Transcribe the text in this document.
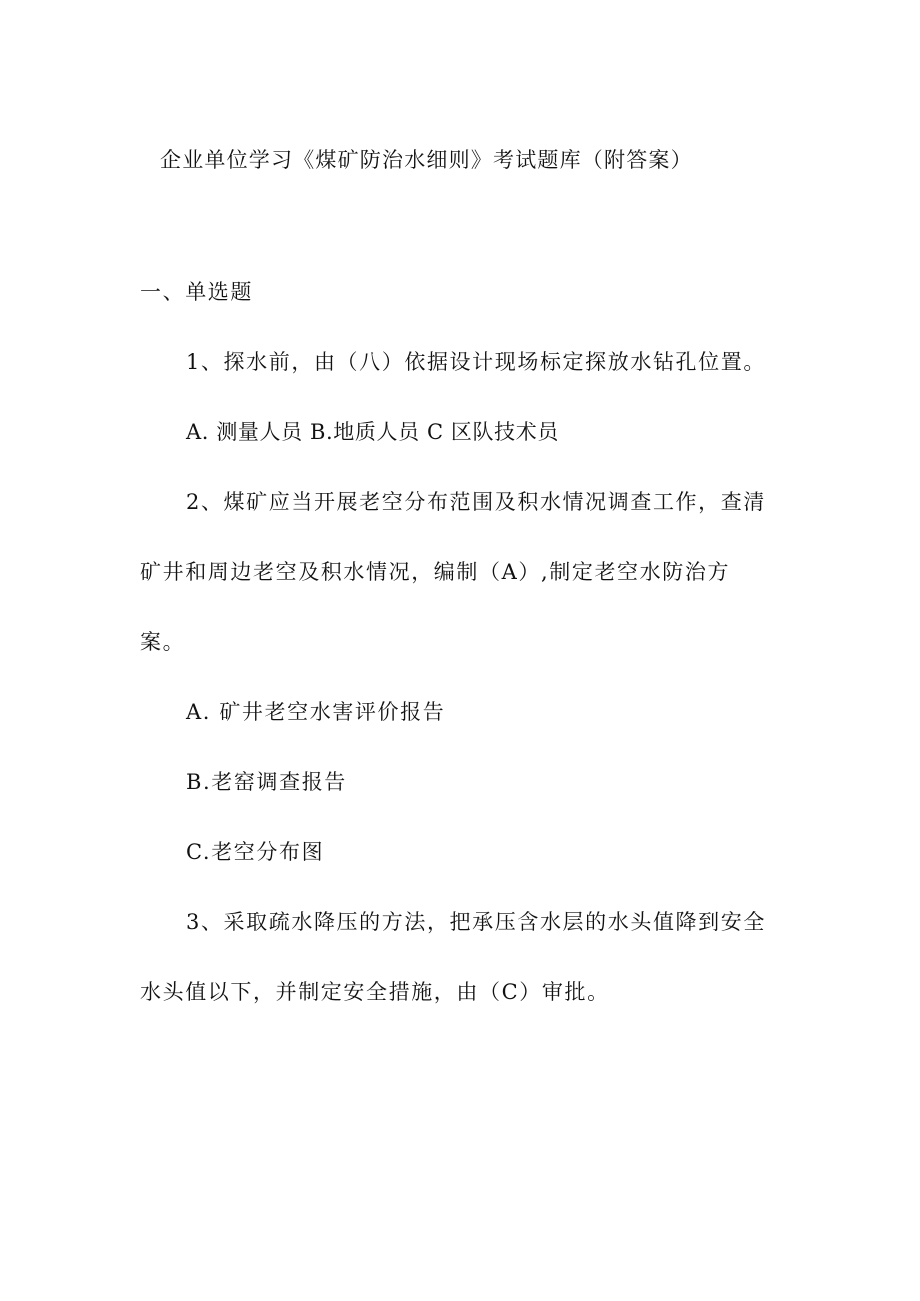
企业单位学习《煤矿防治水细则》考试题库（附答案）
一、单选题
1、探水前，由（八）依据设计现场标定探放水钻孔位置。
A. 测量人员 B.地质人员 C 区队技术员
2、煤矿应当开展老空分布范围及积水情况调查工作，查清
矿井和周边老空及积水情况，编制（A）,制定老空水防治方
案。
A. 矿井老空水害评价报告
B.老窑调查报告
C.老空分布图
3、采取疏水降压的方法，把承压含水层的水头值降到安全
水头值以下，并制定安全措施，由（C）审批。
